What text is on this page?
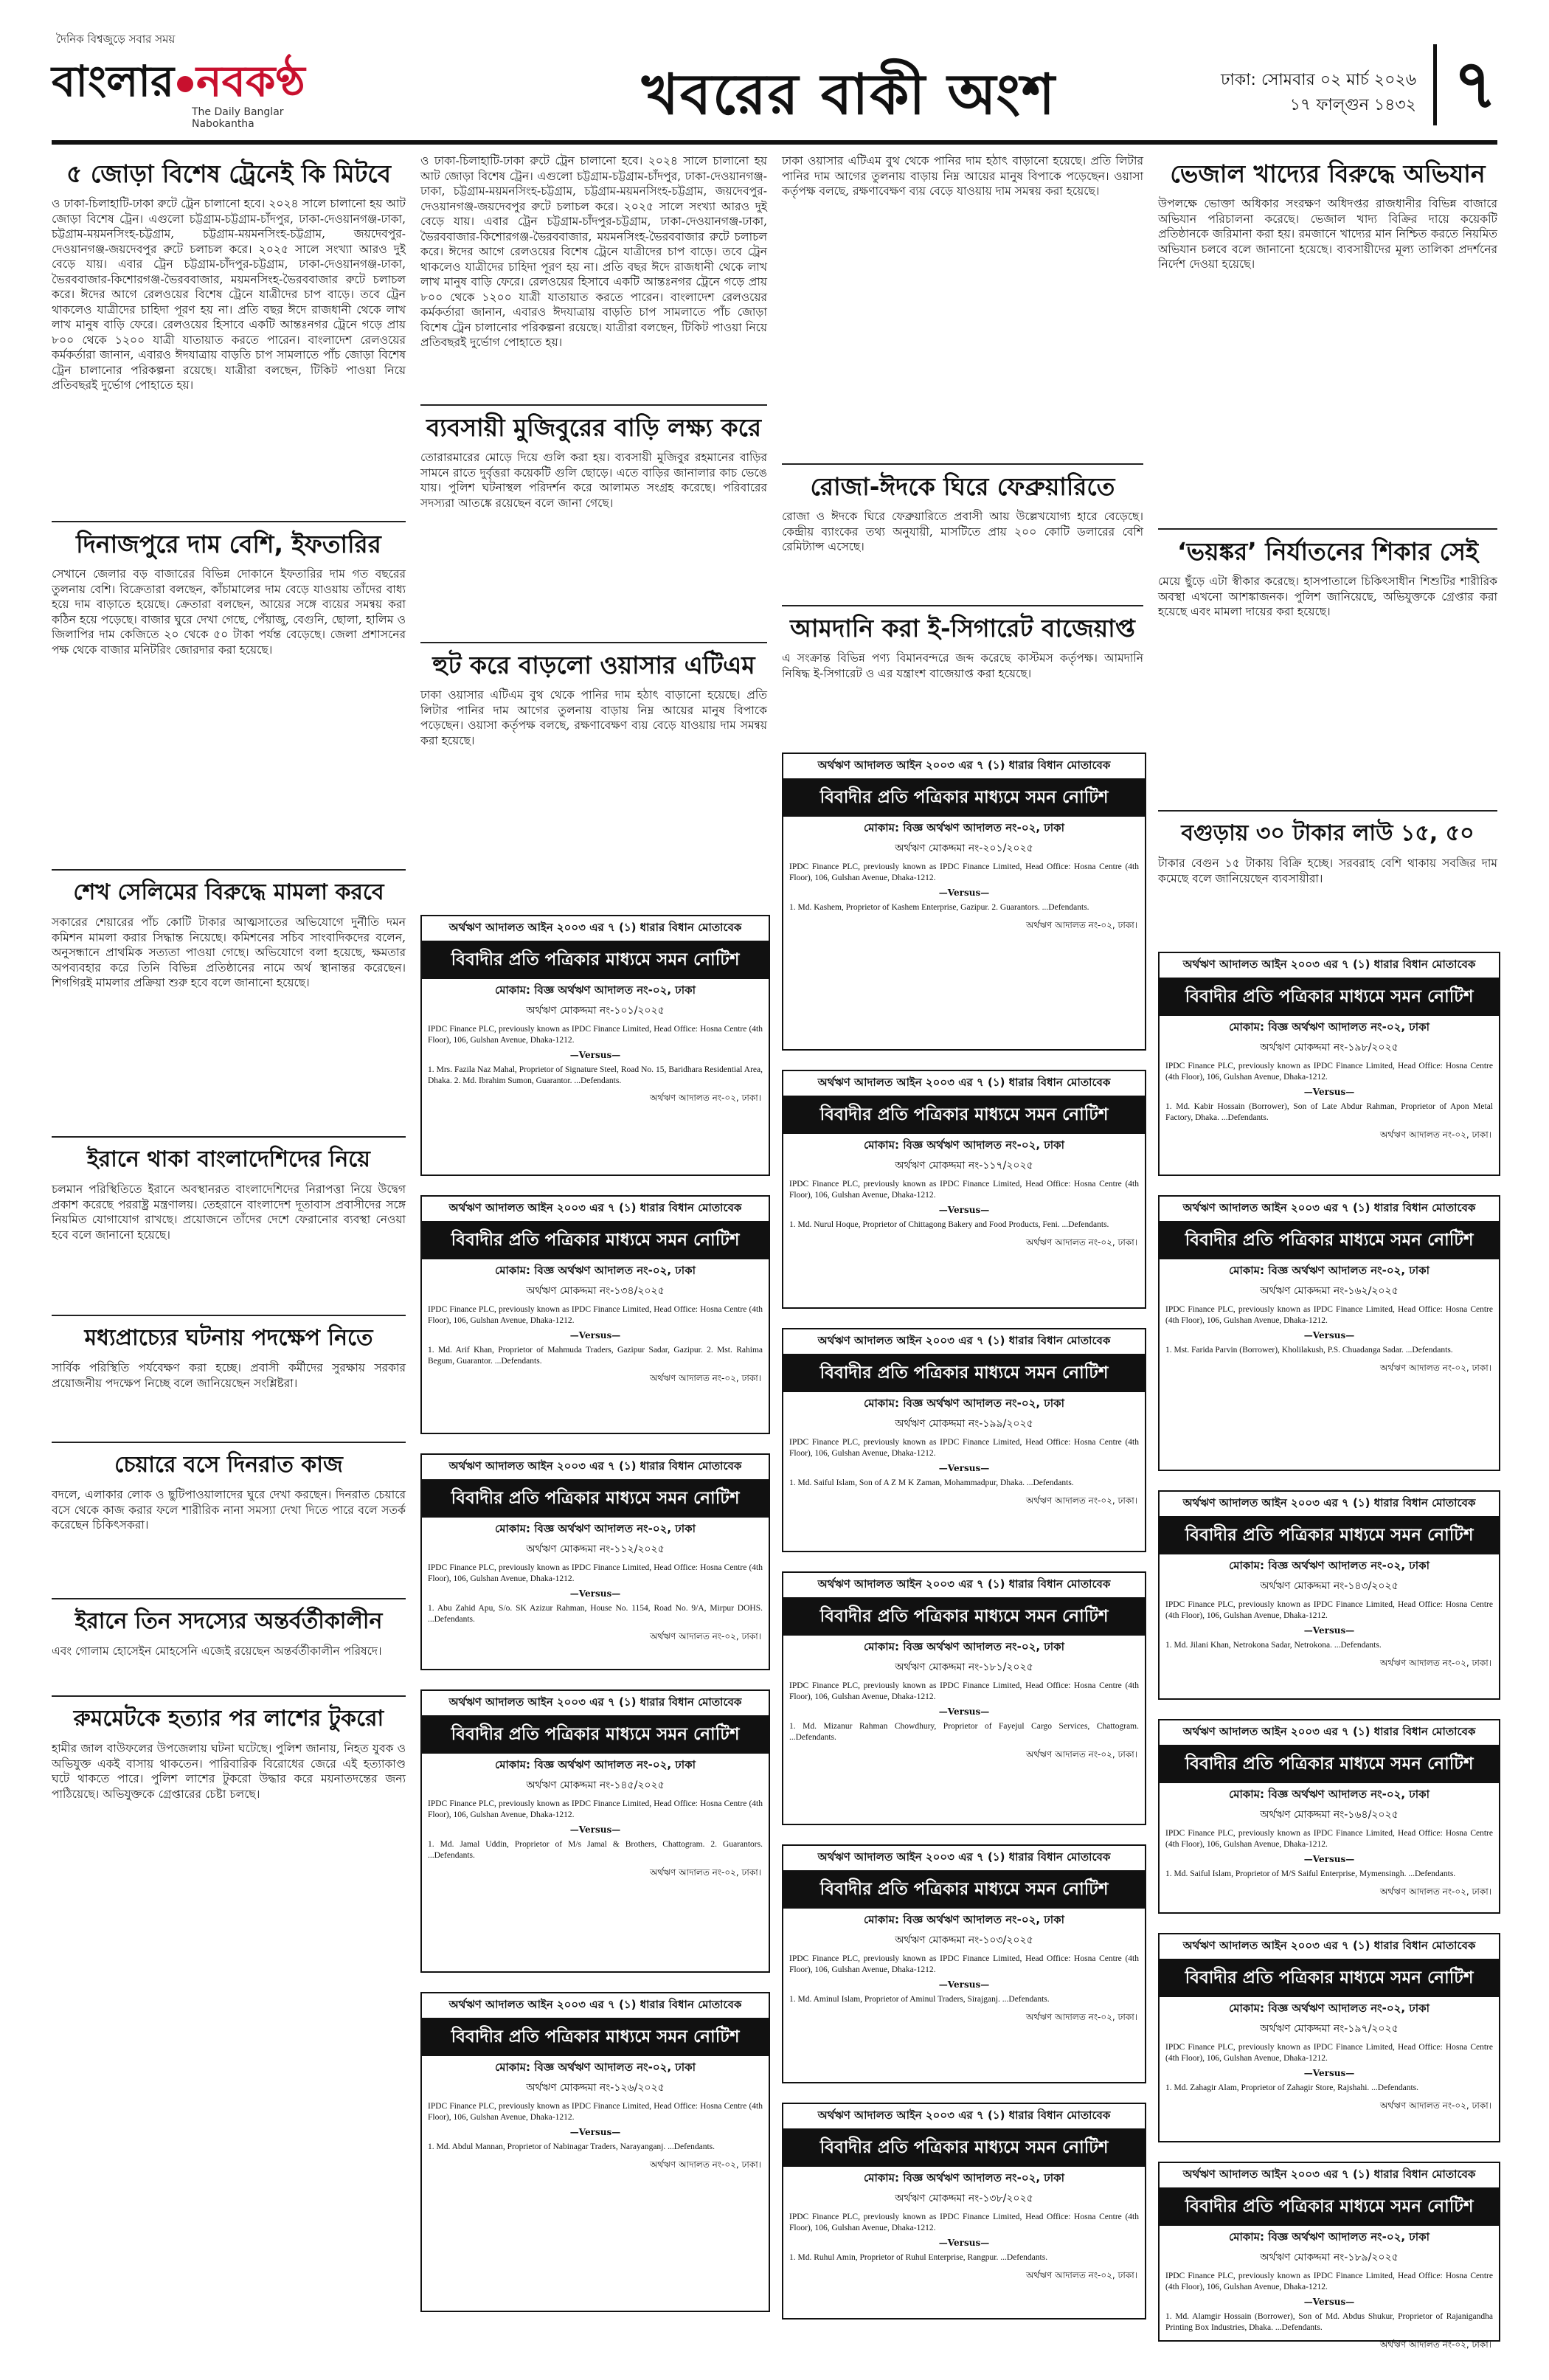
দৈনিক বিশ্বজুড়ে সবার সময়
বাংলার নবকণ্ঠ
The Daily Banglar Nabokantha	খবরের বাকী অংশ	ঢাকা: সোমবার ০২ মার্চ ২০২৬
১৭ ফাল্গুন ১৪৩২ ৭
৫ জোড়া বিশেষ ট্রেনেই কি মিটবে
ও ঢাকা-চিলাহাটি-ঢাকা রুটে ট্রেন চালানো হবে। ২০২৪ সালে চালানো হয় আট জোড়া বিশেষ ট্রেন। এগুলো চট্টগ্রাম-চট্টগ্রাম-চাঁদপুর, ঢাকা-দেওয়ানগঞ্জ-ঢাকা, চট্টগ্রাম-ময়মনসিংহ-চট্টগ্রাম, চট্টগ্রাম-ময়মনসিংহ-চট্টগ্রাম, জয়দেবপুর-দেওয়ানগঞ্জ-জয়দেবপুর রুটে চলাচল করে। ২০২৫ সালে সংখ্যা আরও দুই বেড়ে যায়। এবার ট্রেন চট্টগ্রাম-চাঁদপুর-চট্টগ্রাম, ঢাকা-দেওয়ানগঞ্জ-ঢাকা, ভৈরববাজার-কিশোরগঞ্জ-ভৈরববাজার, ময়মনসিংহ-ভৈরববাজার রুটে চলাচল করে। ঈদের আগে রেলওয়ের বিশেষ ট্রেনে যাত্রীদের চাপ বাড়ে। তবে ট্রেন থাকলেও যাত্রীদের চাহিদা পূরণ হয় না। প্রতি বছর ঈদে রাজধানী থেকে লাখ লাখ মানুষ বাড়ি ফেরে। রেলওয়ের হিসাবে একটি আন্তঃনগর ট্রেনে গড়ে প্রায় ৮০০ থেকে ১২০০ যাত্রী যাতায়াত করতে পারেন। বাংলাদেশ রেলওয়ের কর্মকর্তারা জানান, এবারও ঈদযাত্রায় বাড়তি চাপ সামলাতে পাঁচ জোড়া বিশেষ ট্রেন চালানোর পরিকল্পনা রয়েছে। যাত্রীরা বলছেন, টিকিট পাওয়া নিয়ে প্রতিবছরই দুর্ভোগ পোহাতে হয়।
দিনাজপুরে দাম বেশি, ইফতারির
সেখানে জেলার বড় বাজারের বিভিন্ন দোকানে ইফতারির দাম গত বছরের তুলনায় বেশি। বিক্রেতারা বলছেন, কাঁচামালের দাম বেড়ে যাওয়ায় তাঁদের বাধ্য হয়ে দাম বাড়াতে হয়েছে। ক্রেতারা বলছেন, আয়ের সঙ্গে ব্যয়ের সমন্বয় করা কঠিন হয়ে পড়েছে। বাজার ঘুরে দেখা গেছে, পেঁয়াজু, বেগুনি, ছোলা, হালিম ও জিলাপির দাম কেজিতে ২০ থেকে ৫০ টাকা পর্যন্ত বেড়েছে। জেলা প্রশাসনের পক্ষ থেকে বাজার মনিটরিং জোরদার করা হয়েছে।
শেখ সেলিমের বিরুদ্ধে মামলা করবে
সকারের শেয়ারের পাঁচ কোটি টাকার আত্মসাতের অভিযোগে দুর্নীতি দমন কমিশন মামলা করার সিদ্ধান্ত নিয়েছে। কমিশনের সচিব সাংবাদিকদের বলেন, অনুসন্ধানে প্রাথমিক সত্যতা পাওয়া গেছে। অভিযোগে বলা হয়েছে, ক্ষমতার অপব্যবহার করে তিনি বিভিন্ন প্রতিষ্ঠানের নামে অর্থ স্থানান্তর করেছেন। শিগগিরই মামলার প্রক্রিয়া শুরু হবে বলে জানানো হয়েছে।
ইরানে থাকা বাংলাদেশিদের নিয়ে
চলমান পরিস্থিতিতে ইরানে অবস্থানরত বাংলাদেশিদের নিরাপত্তা নিয়ে উদ্বেগ প্রকাশ করেছে পররাষ্ট্র মন্ত্রণালয়। তেহরানে বাংলাদেশ দূতাবাস প্রবাসীদের সঙ্গে নিয়মিত যোগাযোগ রাখছে। প্রয়োজনে তাঁদের দেশে ফেরানোর ব্যবস্থা নেওয়া হবে বলে জানানো হয়েছে।
মধ্যপ্রাচ্যের ঘটনায় পদক্ষেপ নিতে
সার্বিক পরিস্থিতি পর্যবেক্ষণ করা হচ্ছে। প্রবাসী কর্মীদের সুরক্ষায় সরকার প্রয়োজনীয় পদক্ষেপ নিচ্ছে বলে জানিয়েছেন সংশ্লিষ্টরা।
চেয়ারে বসে দিনরাত কাজ
বদলে, এলাকার লোক ও ছুটিপাওয়ালাদের ঘুরে দেখা করছেন। দিনরাত চেয়ারে বসে থেকে কাজ করার ফলে শারীরিক নানা সমস্যা দেখা দিতে পারে বলে সতর্ক করেছেন চিকিৎসকরা।
ইরানে তিন সদস্যের অন্তর্বর্তীকালীন
এবং গোলাম হোসেইন মোহসেনি এজেই রয়েছেন অন্তর্বর্তীকালীন পরিষদে।
রুমমেটকে হত্যার পর লাশের টুকরো
হামীর জাল বাউফলের উপজেলায় ঘটনা ঘটেছে। পুলিশ জানায়, নিহত যুবক ও অভিযুক্ত একই বাসায় থাকতেন। পারিবারিক বিরোধের জেরে এই হত্যাকাণ্ড ঘটে থাকতে পারে। পুলিশ লাশের টুকরো উদ্ধার করে ময়নাতদন্তের জন্য পাঠিয়েছে। অভিযুক্তকে গ্রেপ্তারের চেষ্টা চলছে।
ও ঢাকা-চিলাহাটি-ঢাকা রুটে ট্রেন চালানো হবে। ২০২৪ সালে চালানো হয় আট জোড়া বিশেষ ট্রেন। এগুলো চট্টগ্রাম-চট্টগ্রাম-চাঁদপুর, ঢাকা-দেওয়ানগঞ্জ-ঢাকা, চট্টগ্রাম-ময়মনসিংহ-চট্টগ্রাম, চট্টগ্রাম-ময়মনসিংহ-চট্টগ্রাম, জয়দেবপুর-দেওয়ানগঞ্জ-জয়দেবপুর রুটে চলাচল করে। ২০২৫ সালে সংখ্যা আরও দুই বেড়ে যায়। এবার ট্রেন চট্টগ্রাম-চাঁদপুর-চট্টগ্রাম, ঢাকা-দেওয়ানগঞ্জ-ঢাকা, ভৈরববাজার-কিশোরগঞ্জ-ভৈরববাজার, ময়মনসিংহ-ভৈরববাজার রুটে চলাচল করে। ঈদের আগে রেলওয়ের বিশেষ ট্রেনে যাত্রীদের চাপ বাড়ে। তবে ট্রেন থাকলেও যাত্রীদের চাহিদা পূরণ হয় না। প্রতি বছর ঈদে রাজধানী থেকে লাখ লাখ মানুষ বাড়ি ফেরে। রেলওয়ের হিসাবে একটি আন্তঃনগর ট্রেনে গড়ে প্রায় ৮০০ থেকে ১২০০ যাত্রী যাতায়াত করতে পারেন। বাংলাদেশ রেলওয়ের কর্মকর্তারা জানান, এবারও ঈদযাত্রায় বাড়তি চাপ সামলাতে পাঁচ জোড়া বিশেষ ট্রেন চালানোর পরিকল্পনা রয়েছে। যাত্রীরা বলছেন, টিকিট পাওয়া নিয়ে প্রতিবছরই দুর্ভোগ পোহাতে হয়।
ব্যবসায়ী মুজিবুরের বাড়ি লক্ষ্য করে
তোরারমারের মোড়ে দিয়ে গুলি করা হয়। ব্যবসায়ী মুজিবুর রহমানের বাড়ির সামনে রাতে দুর্বৃত্তরা কয়েকটি গুলি ছোড়ে। এতে বাড়ির জানালার কাচ ভেঙে যায়। পুলিশ ঘটনাস্থল পরিদর্শন করে আলামত সংগ্রহ করেছে। পরিবারের সদস্যরা আতঙ্কে রয়েছেন বলে জানা গেছে।
হুট করে বাড়লো ওয়াসার এটিএম
ঢাকা ওয়াসার এটিএম বুথ থেকে পানির দাম হঠাৎ বাড়ানো হয়েছে। প্রতি লিটার পানির দাম আগের তুলনায় বাড়ায় নিম্ন আয়ের মানুষ বিপাকে পড়েছেন। ওয়াসা কর্তৃপক্ষ বলছে, রক্ষণাবেক্ষণ ব্যয় বেড়ে যাওয়ায় দাম সমন্বয় করা হয়েছে।
ঢাকা ওয়াসার এটিএম বুথ থেকে পানির দাম হঠাৎ বাড়ানো হয়েছে। প্রতি লিটার পানির দাম আগের তুলনায় বাড়ায় নিম্ন আয়ের মানুষ বিপাকে পড়েছেন। ওয়াসা কর্তৃপক্ষ বলছে, রক্ষণাবেক্ষণ ব্যয় বেড়ে যাওয়ায় দাম সমন্বয় করা হয়েছে।
রোজা-ঈদকে ঘিরে ফেব্রুয়ারিতে
রোজা ও ঈদকে ঘিরে ফেব্রুয়ারিতে প্রবাসী আয় উল্লেখযোগ্য হারে বেড়েছে। কেন্দ্রীয় ব্যাংকের তথ্য অনুযায়ী, মাসটিতে প্রায় ২০০ কোটি ডলারের বেশি রেমিট্যান্স এসেছে।
আমদানি করা ই-সিগারেট বাজেয়াপ্ত
এ সংক্রান্ত বিভিন্ন পণ্য বিমানবন্দরে জব্দ করেছে কাস্টমস কর্তৃপক্ষ। আমদানি নিষিদ্ধ ই-সিগারেট ও এর যন্ত্রাংশ বাজেয়াপ্ত করা হয়েছে।
ভেজাল খাদ্যের বিরুদ্ধে অভিযান
উপলক্ষে ভোক্তা অধিকার সংরক্ষণ অধিদপ্তর রাজধানীর বিভিন্ন বাজারে অভিযান পরিচালনা করেছে। ভেজাল খাদ্য বিক্রির দায়ে কয়েকটি প্রতিষ্ঠানকে জরিমানা করা হয়। রমজানে খাদ্যের মান নিশ্চিত করতে নিয়মিত অভিযান চলবে বলে জানানো হয়েছে। ব্যবসায়ীদের মূল্য তালিকা প্রদর্শনের নির্দেশ দেওয়া হয়েছে।
‘ভয়ঙ্কর’ নির্যাতনের শিকার সেই
মেয়ে ছুঁড়ে এটা স্বীকার করেছে। হাসপাতালে চিকিৎসাধীন শিশুটির শারীরিক অবস্থা এখনো আশঙ্কাজনক। পুলিশ জানিয়েছে, অভিযুক্তকে গ্রেপ্তার করা হয়েছে এবং মামলা দায়ের করা হয়েছে।
বগুড়ায় ৩০ টাকার লাউ ১৫, ৫০
টাকার বেগুন ১৫ টাকায় বিক্রি হচ্ছে। সরবরাহ বেশি থাকায় সবজির দাম কমেছে বলে জানিয়েছেন ব্যবসায়ীরা।
অর্থঋণ আদালত আইন ২০০৩ এর ৭ (১) ধারার বিধান মোতাবেক
বিবাদীর প্রতি পত্রিকার মাধ্যমে সমন নোটিশ
মোকাম: বিজ্ঞ অর্থঋণ আদালত নং-০২, ঢাকা
অর্থঋণ মোকদ্দমা নং-১০১/২০২৫
IPDC Finance PLC, previously known as IPDC Finance Limited, Head Office: Hosna Centre (4th Floor), 106, Gulshan Avenue, Dhaka-1212.
—Versus—
1. Mrs. Fazila Naz Mahal, Proprietor of Signature Steel, Road No. 15, Baridhara Residential Area, Dhaka. 2. Md. Ibrahim Sumon, Guarantor. ...Defendants.
অর্থঋণ আদালত নং-০২, ঢাকা।
অর্থঋণ আদালত আইন ২০০৩ এর ৭ (১) ধারার বিধান মোতাবেক
বিবাদীর প্রতি পত্রিকার মাধ্যমে সমন নোটিশ
মোকাম: বিজ্ঞ অর্থঋণ আদালত নং-০২, ঢাকা
অর্থঋণ মোকদ্দমা নং-১৩৪/২০২৫
IPDC Finance PLC, previously known as IPDC Finance Limited, Head Office: Hosna Centre (4th Floor), 106, Gulshan Avenue, Dhaka-1212.
—Versus—
1. Md. Arif Khan, Proprietor of Mahmuda Traders, Gazipur Sadar, Gazipur. 2. Mst. Rahima Begum, Guarantor. ...Defendants.
অর্থঋণ আদালত নং-০২, ঢাকা।
অর্থঋণ আদালত আইন ২০০৩ এর ৭ (১) ধারার বিধান মোতাবেক
বিবাদীর প্রতি পত্রিকার মাধ্যমে সমন নোটিশ
মোকাম: বিজ্ঞ অর্থঋণ আদালত নং-০২, ঢাকা
অর্থঋণ মোকদ্দমা নং-১১২/২০২৫
IPDC Finance PLC, previously known as IPDC Finance Limited, Head Office: Hosna Centre (4th Floor), 106, Gulshan Avenue, Dhaka-1212.
—Versus—
1. Abu Zahid Apu, S/o. SK Azizur Rahman, House No. 1154, Road No. 9/A, Mirpur DOHS. ...Defendants.
অর্থঋণ আদালত নং-০২, ঢাকা।
অর্থঋণ আদালত আইন ২০০৩ এর ৭ (১) ধারার বিধান মোতাবেক
বিবাদীর প্রতি পত্রিকার মাধ্যমে সমন নোটিশ
মোকাম: বিজ্ঞ অর্থঋণ আদালত নং-০২, ঢাকা
অর্থঋণ মোকদ্দমা নং-১৪৫/২০২৫
IPDC Finance PLC, previously known as IPDC Finance Limited, Head Office: Hosna Centre (4th Floor), 106, Gulshan Avenue, Dhaka-1212.
—Versus—
1. Md. Jamal Uddin, Proprietor of M/s Jamal & Brothers, Chattogram. 2. Guarantors. ...Defendants.
অর্থঋণ আদালত নং-০২, ঢাকা।
অর্থঋণ আদালত আইন ২০০৩ এর ৭ (১) ধারার বিধান মোতাবেক
বিবাদীর প্রতি পত্রিকার মাধ্যমে সমন নোটিশ
মোকাম: বিজ্ঞ অর্থঋণ আদালত নং-০২, ঢাকা
অর্থঋণ মোকদ্দমা নং-১২৬/২০২৫
IPDC Finance PLC, previously known as IPDC Finance Limited, Head Office: Hosna Centre (4th Floor), 106, Gulshan Avenue, Dhaka-1212.
—Versus—
1. Md. Abdul Mannan, Proprietor of Nabinagar Traders, Narayanganj. ...Defendants.
অর্থঋণ আদালত নং-০২, ঢাকা।
অর্থঋণ আদালত আইন ২০০৩ এর ৭ (১) ধারার বিধান মোতাবেক
বিবাদীর প্রতি পত্রিকার মাধ্যমে সমন নোটিশ
মোকাম: বিজ্ঞ অর্থঋণ আদালত নং-০২, ঢাকা
অর্থঋণ মোকদ্দমা নং-২০১/২০২৫
IPDC Finance PLC, previously known as IPDC Finance Limited, Head Office: Hosna Centre (4th Floor), 106, Gulshan Avenue, Dhaka-1212.
—Versus—
1. Md. Kashem, Proprietor of Kashem Enterprise, Gazipur. 2. Guarantors. ...Defendants.
অর্থঋণ আদালত নং-০২, ঢাকা।
অর্থঋণ আদালত আইন ২০০৩ এর ৭ (১) ধারার বিধান মোতাবেক
বিবাদীর প্রতি পত্রিকার মাধ্যমে সমন নোটিশ
মোকাম: বিজ্ঞ অর্থঋণ আদালত নং-০২, ঢাকা
অর্থঋণ মোকদ্দমা নং-১১৭/২০২৫
IPDC Finance PLC, previously known as IPDC Finance Limited, Head Office: Hosna Centre (4th Floor), 106, Gulshan Avenue, Dhaka-1212.
—Versus—
1. Md. Nurul Hoque, Proprietor of Chittagong Bakery and Food Products, Feni. ...Defendants.
অর্থঋণ আদালত নং-০২, ঢাকা।
অর্থঋণ আদালত আইন ২০০৩ এর ৭ (১) ধারার বিধান মোতাবেক
বিবাদীর প্রতি পত্রিকার মাধ্যমে সমন নোটিশ
মোকাম: বিজ্ঞ অর্থঋণ আদালত নং-০২, ঢাকা
অর্থঋণ মোকদ্দমা নং-১৯৯/২০২৫
IPDC Finance PLC, previously known as IPDC Finance Limited, Head Office: Hosna Centre (4th Floor), 106, Gulshan Avenue, Dhaka-1212.
—Versus—
1. Md. Saiful Islam, Son of A Z M K Zaman, Mohammadpur, Dhaka. ...Defendants.
অর্থঋণ আদালত নং-০২, ঢাকা।
অর্থঋণ আদালত আইন ২০০৩ এর ৭ (১) ধারার বিধান মোতাবেক
বিবাদীর প্রতি পত্রিকার মাধ্যমে সমন নোটিশ
মোকাম: বিজ্ঞ অর্থঋণ আদালত নং-০২, ঢাকা
অর্থঋণ মোকদ্দমা নং-১৮১/২০২৫
IPDC Finance PLC, previously known as IPDC Finance Limited, Head Office: Hosna Centre (4th Floor), 106, Gulshan Avenue, Dhaka-1212.
—Versus—
1. Md. Mizanur Rahman Chowdhury, Proprietor of Fayejul Cargo Services, Chattogram. ...Defendants.
অর্থঋণ আদালত নং-০২, ঢাকা।
অর্থঋণ আদালত আইন ২০০৩ এর ৭ (১) ধারার বিধান মোতাবেক
বিবাদীর প্রতি পত্রিকার মাধ্যমে সমন নোটিশ
মোকাম: বিজ্ঞ অর্থঋণ আদালত নং-০২, ঢাকা
অর্থঋণ মোকদ্দমা নং-১০৩/২০২৫
IPDC Finance PLC, previously known as IPDC Finance Limited, Head Office: Hosna Centre (4th Floor), 106, Gulshan Avenue, Dhaka-1212.
—Versus—
1. Md. Aminul Islam, Proprietor of Aminul Traders, Sirajganj. ...Defendants.
অর্থঋণ আদালত নং-০২, ঢাকা।
অর্থঋণ আদালত আইন ২০০৩ এর ৭ (১) ধারার বিধান মোতাবেক
বিবাদীর প্রতি পত্রিকার মাধ্যমে সমন নোটিশ
মোকাম: বিজ্ঞ অর্থঋণ আদালত নং-০২, ঢাকা
অর্থঋণ মোকদ্দমা নং-১৩৮/২০২৫
IPDC Finance PLC, previously known as IPDC Finance Limited, Head Office: Hosna Centre (4th Floor), 106, Gulshan Avenue, Dhaka-1212.
—Versus—
1. Md. Ruhul Amin, Proprietor of Ruhul Enterprise, Rangpur. ...Defendants.
অর্থঋণ আদালত নং-০২, ঢাকা।
অর্থঋণ আদালত আইন ২০০৩ এর ৭ (১) ধারার বিধান মোতাবেক
বিবাদীর প্রতি পত্রিকার মাধ্যমে সমন নোটিশ
মোকাম: বিজ্ঞ অর্থঋণ আদালত নং-০২, ঢাকা
অর্থঋণ মোকদ্দমা নং-১৯৮/২০২৫
IPDC Finance PLC, previously known as IPDC Finance Limited, Head Office: Hosna Centre (4th Floor), 106, Gulshan Avenue, Dhaka-1212.
—Versus—
1. Md. Kabir Hossain (Borrower), Son of Late Abdur Rahman, Proprietor of Apon Metal Factory, Dhaka. ...Defendants.
অর্থঋণ আদালত নং-০২, ঢাকা।
অর্থঋণ আদালত আইন ২০০৩ এর ৭ (১) ধারার বিধান মোতাবেক
বিবাদীর প্রতি পত্রিকার মাধ্যমে সমন নোটিশ
মোকাম: বিজ্ঞ অর্থঋণ আদালত নং-০২, ঢাকা
অর্থঋণ মোকদ্দমা নং-১৬২/২০২৫
IPDC Finance PLC, previously known as IPDC Finance Limited, Head Office: Hosna Centre (4th Floor), 106, Gulshan Avenue, Dhaka-1212.
—Versus—
1. Mst. Farida Parvin (Borrower), Kholilakush, P.S. Chuadanga Sadar. ...Defendants.
অর্থঋণ আদালত নং-০২, ঢাকা।
অর্থঋণ আদালত আইন ২০০৩ এর ৭ (১) ধারার বিধান মোতাবেক
বিবাদীর প্রতি পত্রিকার মাধ্যমে সমন নোটিশ
মোকাম: বিজ্ঞ অর্থঋণ আদালত নং-০২, ঢাকা
অর্থঋণ মোকদ্দমা নং-১৪৩/২০২৫
IPDC Finance PLC, previously known as IPDC Finance Limited, Head Office: Hosna Centre (4th Floor), 106, Gulshan Avenue, Dhaka-1212.
—Versus—
1. Md. Jilani Khan, Netrokona Sadar, Netrokona. ...Defendants.
অর্থঋণ আদালত নং-০২, ঢাকা।
অর্থঋণ আদালত আইন ২০০৩ এর ৭ (১) ধারার বিধান মোতাবেক
বিবাদীর প্রতি পত্রিকার মাধ্যমে সমন নোটিশ
মোকাম: বিজ্ঞ অর্থঋণ আদালত নং-০২, ঢাকা
অর্থঋণ মোকদ্দমা নং-১৬৪/২০২৫
IPDC Finance PLC, previously known as IPDC Finance Limited, Head Office: Hosna Centre (4th Floor), 106, Gulshan Avenue, Dhaka-1212.
—Versus—
1. Md. Saiful Islam, Proprietor of M/S Saiful Enterprise, Mymensingh. ...Defendants.
অর্থঋণ আদালত নং-০২, ঢাকা।
অর্থঋণ আদালত আইন ২০০৩ এর ৭ (১) ধারার বিধান মোতাবেক
বিবাদীর প্রতি পত্রিকার মাধ্যমে সমন নোটিশ
মোকাম: বিজ্ঞ অর্থঋণ আদালত নং-০২, ঢাকা
অর্থঋণ মোকদ্দমা নং-১৯৭/২০২৫
IPDC Finance PLC, previously known as IPDC Finance Limited, Head Office: Hosna Centre (4th Floor), 106, Gulshan Avenue, Dhaka-1212.
—Versus—
1. Md. Zahagir Alam, Proprietor of Zahagir Store, Rajshahi. ...Defendants.
অর্থঋণ আদালত নং-০২, ঢাকা।
অর্থঋণ আদালত আইন ২০০৩ এর ৭ (১) ধারার বিধান মোতাবেক
বিবাদীর প্রতি পত্রিকার মাধ্যমে সমন নোটিশ
মোকাম: বিজ্ঞ অর্থঋণ আদালত নং-০২, ঢাকা
অর্থঋণ মোকদ্দমা নং-১৮৯/২০২৫
IPDC Finance PLC, previously known as IPDC Finance Limited, Head Office: Hosna Centre (4th Floor), 106, Gulshan Avenue, Dhaka-1212.
—Versus—
1. Md. Alamgir Hossain (Borrower), Son of Md. Abdus Shukur, Proprietor of Rajanigandha Printing Box Industries, Dhaka. ...Defendants.
অর্থঋণ আদালত নং-০২, ঢাকা।
